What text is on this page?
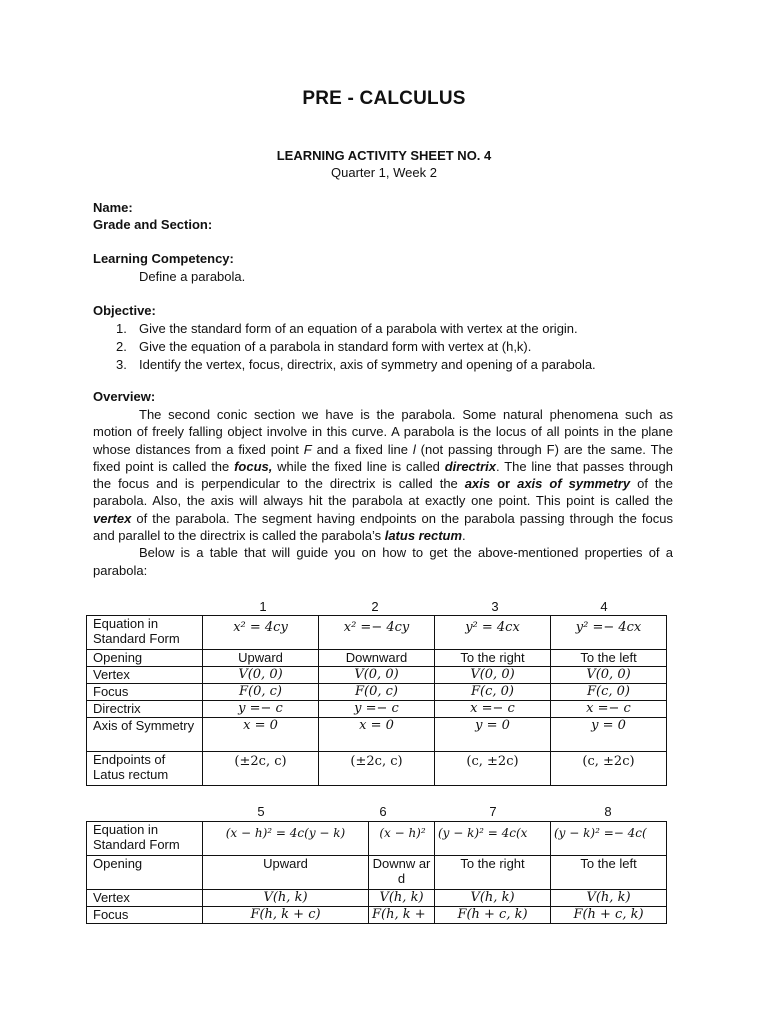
PRE - CALCULUS
LEARNING ACTIVITY SHEET NO. 4
Quarter 1, Week 2
Name:
Grade and Section:
Learning Competency:
Define a parabola.
Objective:
1. Give the standard form of an equation of a parabola with vertex at the origin.
2. Give the equation of a parabola in standard form with vertex at (h,k).
3. Identify the vertex, focus, directrix, axis of symmetry and opening of a parabola.
Overview:

The second conic section we have is the parabola. Some natural phenomena such as motion of freely falling object involve in this curve. A parabola is the locus of all points in the plane whose distances from a fixed point F and a fixed line l (not passing through F) are the same. The fixed point is called the focus, while the fixed line is called directrix. The line that passes through the focus and is perpendicular to the directrix is called the axis or axis of symmetry of the parabola. Also, the axis will always hit the parabola at exactly one point. This point is called the vertex of the parabola. The segment having endpoints on the parabola passing through the focus and parallel to the directrix is called the parabola’s latus rectum.

Below is a table that will guide you on how to get the above-mentioned properties of a parabola:

1	2	3	4
Equation in Standard Form	x² = 4cy	x² =− 4cy	y² = 4cx	y² =− 4cx
Opening	Upward	Downward	To the right	To the left
Vertex	V(0, 0)	V(0, 0)	V(0, 0)	V(0, 0)
Focus	F(0, c)	F(0, c)	F(c, 0)	F(c, 0)
Directrix	y =− c	y =− c	x =− c	x =− c
Axis of Symmetry	x = 0	x = 0	y = 0	y = 0
Endpoints of Latus rectum	(±2c, c)	(±2c, c)	(c, ±2c)	(c, ±2c)
5	6	7	8
Equation in Standard Form	(x − h)² = 4c(y − k)	(x − h)²	(y − k)² = 4c(x	(y − k)² =− 4c(
Opening	Upward	Downw ard	To the right	To the left
Vertex	V(h, k)	V(h, k)	V(h, k)	V(h, k)
Focus	F(h, k + c)	F(h, k +	F(h + c, k)	F(h + c, k)
